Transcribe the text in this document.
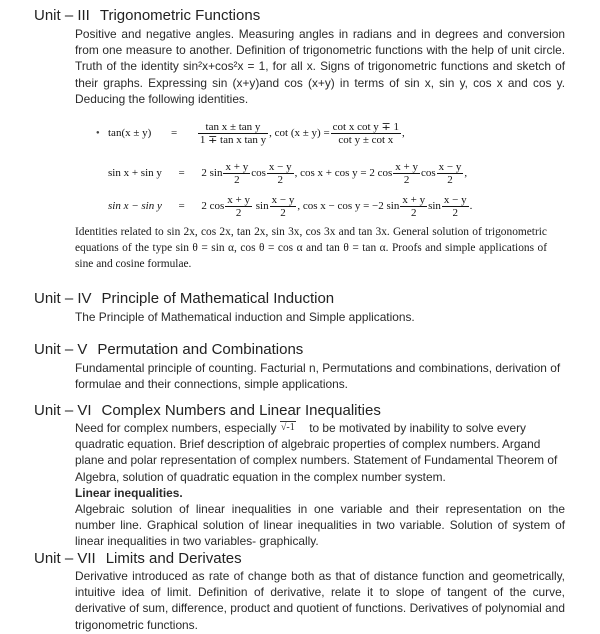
Unit – III Trigonometric Functions
Positive and negative angles. Measuring angles in radians and in degrees and conversion from one measure to another. Definition of trigonometric functions with the help of unit circle. Truth of the identity sin²x+cos²x = 1, for all x. Signs of trigonometric functions and sketch of their graphs. Expressing sin (x+y)and cos (x+y) in terms of sin x, sin y, cos x and cos y. Deducing the following identities.
● $\tan(x \pm y) = \frac{\text{tan x ± tan y}}{\text{1 ∓ tan x tan y}}$ , $\cot (x \pm y) = \frac{\text{cot x cot y ∓ 1}}{\text{cot y ± cot x}}$ ,
sin x + sin y = 2 $\sin \frac{x + y}{2}$ $\cos \frac{x - y}{2}$ , cos x + cos y = 2 $\cos \frac{x + y}{2}$ $\cos \frac{x - y}{2}$ ,
sin x − sin y = 2 $\cos \frac{x + y}{2}$ $\sin \frac{x - y}{2}$ , cos x − cos y = −2 $\sin \frac{x + y}{2}$ $\sin \frac{x - y}{2}$ .
Identities related to sin 2x, cos 2x, tan 2x, sin 3x, cos 3x and tan 3x. General solution of trigonometric equations of the type sin θ = sin α, cos θ = cos α and tan θ = tan α. Proofs and simple applications of sine and cosine formulae.
Unit – IV Principle of Mathematical Induction
The Principle of Mathematical induction and Simple applications.
Unit – V Permutation and Combinations
Fundamental principle of counting. Facturial n, Permutations and combinations, derivation of formulae and their connections, simple applications.
Unit – VI Complex Numbers and Linear Inequalities
Need for complex numbers, especially √-1 to be motivated by inability to solve every quadratic equation. Brief description of algebraic properties of complex numbers. Argand plane and polar representation of complex numbers. Statement of Fundamental Theorem of Algebra, solution of quadratic equation in the complex number system.
Linear inequalities.
Algebraic solution of linear inequalities in one variable and their representation on the number line. Graphical solution of linear inequalities in two variable. Solution of system of linear inequalities in two variables- graphically.
Unit – VII Limits and Derivates
Derivative introduced as rate of change both as that of distance function and geometrically, intuitive idea of limit. Definition of derivative, relate it to slope of tangent of the curve, derivative of sum, difference, product and quotient of functions. Derivatives of polynomial and trigonometric functions.
